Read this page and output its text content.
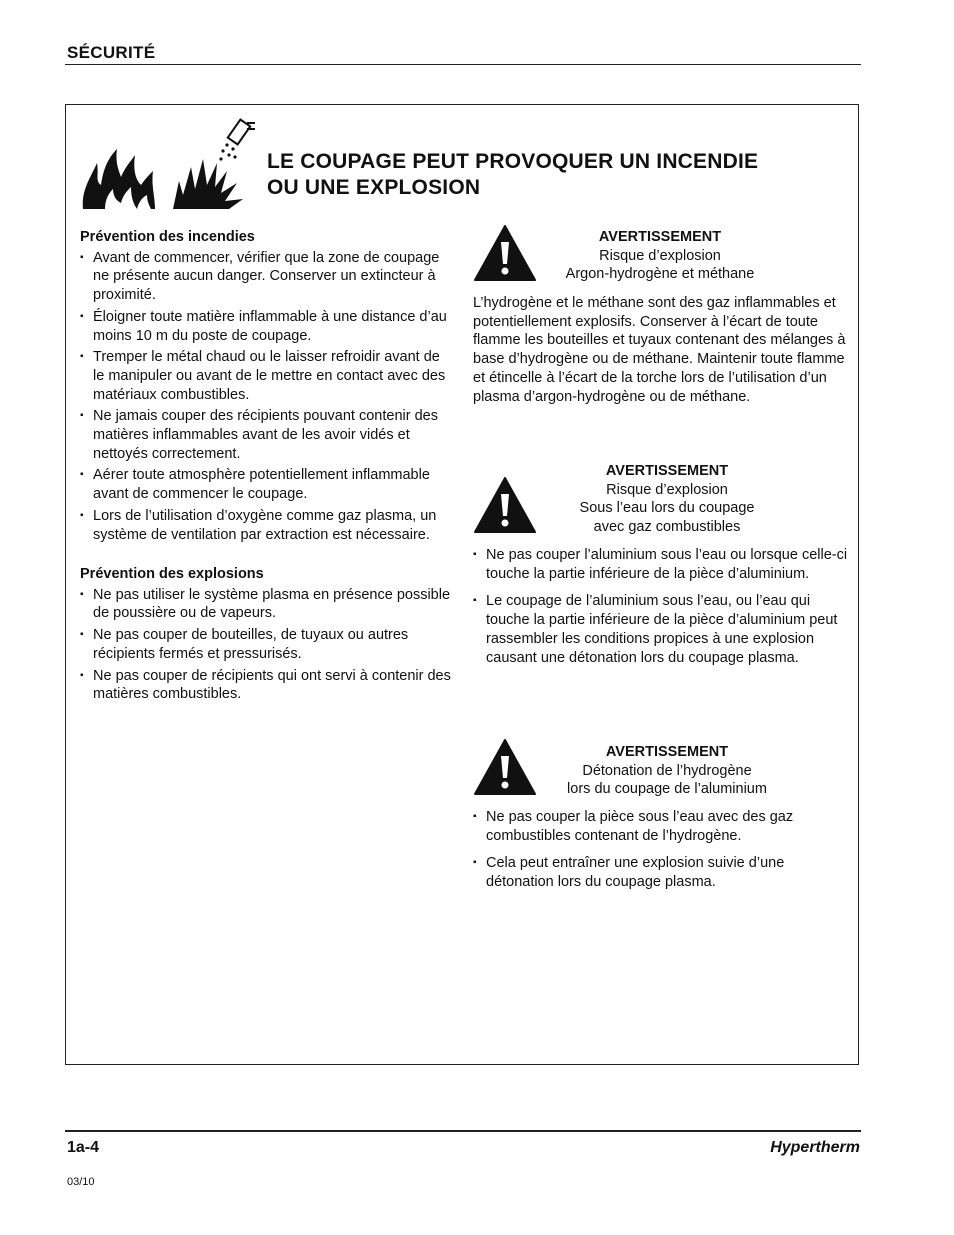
SÉCURITÉ
LE COUPAGE PEUT PROVOQUER UN INCENDIE
OU UNE EXPLOSION
Prévention des incendies
▪ Avant de commencer, vérifier que la zone de coupage ne présente aucun danger. Conserver un extincteur à proximité.
▪ Éloigner toute matière inflammable à une distance d’au moins 10 m du poste de coupage.
▪ Tremper le métal chaud ou le laisser refroidir avant de le manipuler ou avant de le mettre en contact avec des matériaux combustibles.
▪ Ne jamais couper des récipients pouvant contenir des matières inflammables avant de les avoir vidés et nettoyés correctement.
▪ Aérer toute atmosphère potentiellement inflammable avant de commencer le coupage.
▪ Lors de l’utilisation d’oxygène comme gaz plasma, un système de ventilation par extraction est nécessaire.
Prévention des explosions
▪ Ne pas utiliser le système plasma en présence possible de poussière ou de vapeurs.
▪ Ne pas couper de bouteilles, de tuyaux ou autres récipients fermés et pressurisés.
▪ Ne pas couper de récipients qui ont servi à contenir des matières combustibles.
AVERTISSEMENT
Risque d’explosion
Argon-hydrogène et méthane
L’hydrogène et le méthane sont des gaz inflammables et potentiellement explosifs. Conserver à l’écart de toute flamme les bouteilles et tuyaux contenant des mélanges à base d’hydrogène ou de méthane. Maintenir toute flamme et étincelle à l’écart de la torche lors de l’utilisation d’un plasma d’argon-hydrogène ou de méthane.
AVERTISSEMENT
Risque d’explosion
Sous l’eau lors du coupage
avec gaz combustibles
▪ Ne pas couper l’aluminium sous l’eau ou lorsque celle-ci touche la partie inférieure de la pièce d’aluminium.
▪ Le coupage de l’aluminium sous l’eau, ou l’eau qui touche la partie inférieure de la pièce d’aluminium peut rassembler les conditions propices à une explosion causant une détonation lors du coupage plasma.
AVERTISSEMENT
Détonation de l’hydrogène
lors du coupage de l’aluminium
▪ Ne pas couper la pièce sous l’eau avec des gaz combustibles contenant de l’hydrogène.
▪ Cela peut entraîner une explosion suivie d’une détonation lors du coupage plasma.
1a-4	Hypertherm
03/10
